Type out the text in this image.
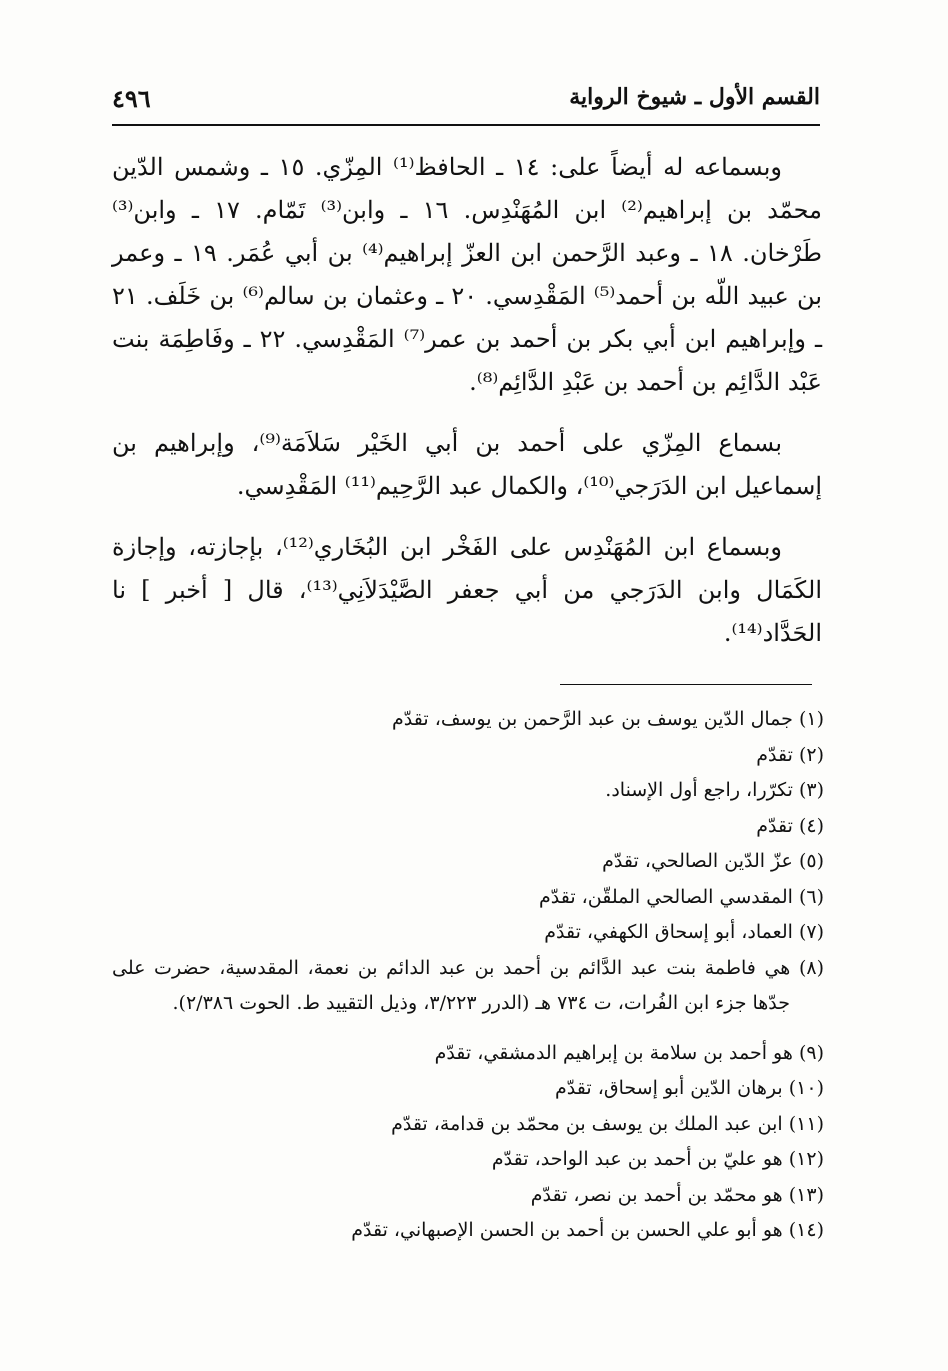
القسم الأول ـ شيوخ الرواية
٤٩٦

وبسماعه له أيضاً على: ١٤ ـ الحافظ⁽¹⁾ المِزّي. ١٥ ـ وشمس الدّين محمّد بن إبراهيم⁽²⁾ ابن المُهَنْدِس. ١٦ ـ وابن⁽³⁾ تَمّام. ١٧ ـ وابن⁽³⁾ طَرْخان. ١٨ ـ وعبد الرَّحمن ابن العزّ إبراهيم⁽⁴⁾ بن أبي عُمَر. ١٩ ـ وعمر بن عبيد اللّه بن أحمد⁽⁵⁾ المَقْدِسي. ٢٠ ـ وعثمان بن سالم⁽⁶⁾ بن خَلَف. ٢١ ـ وإبراهيم ابن أبي بكر بن أحمد بن عمر⁽⁷⁾ المَقْدِسي. ٢٢ ـ وفَاطِمَة بنت عَبْد الدَّائِم بن أحمد بن عَبْدِ الدَّائِم⁽⁸⁾.

بسماع المِزّي على أحمد بن أبي الخَيْر سَلاَمَة⁽⁹⁾، وإبراهيم بن إسماعيل ابن الدَرَجي⁽¹⁰⁾، والكمال عبد الرَّحِيم⁽¹¹⁾ المَقْدِسي.

وبسماع ابن المُهَنْدِس على الفَخْر ابن البُخَاري⁽¹²⁾، بإجازته، وإجازة الكَمَال وابن الدَرَجي من أبي جعفر الصَّيْدَلاَنِي⁽¹³⁾، قال [ أخبر ] نا الحَدَّاد⁽¹⁴⁾.

(١) جمال الدّين يوسف بن عبد الرَّحمن بن يوسف، تقدّم

(٢) تقدّم

(٣) تكرّرا، راجع أول الإسناد.

(٤) تقدّم

(٥) عزّ الدّين الصالحي، تقدّم

(٦) المقدسي الصالحي الملقّن، تقدّم

(٧) العماد، أبو إسحاق الكهفي، تقدّم

(٨) هي فاطمة بنت عبد الدَّائم بن أحمد بن عبد الدائم بن نعمة، المقدسية، حضرت على جدّها جزء ابن الفُرات، ت ٧٣٤ هـ (الدرر ٣/٢٢٣، وذيل التقييد ط. الحوت ٢/٣٨٦).

(٩) هو أحمد بن سلامة بن إبراهيم الدمشقي، تقدّم

(١٠) برهان الدّين أبو إسحاق، تقدّم

(١١) ابن عبد الملك بن يوسف بن محمّد بن قدامة، تقدّم

(١٢) هو عليّ بن أحمد بن عبد الواحد، تقدّم

(١٣) هو محمّد بن أحمد بن نصر، تقدّم

(١٤) هو أبو علي الحسن بن أحمد بن الحسن الإصبهاني، تقدّم
